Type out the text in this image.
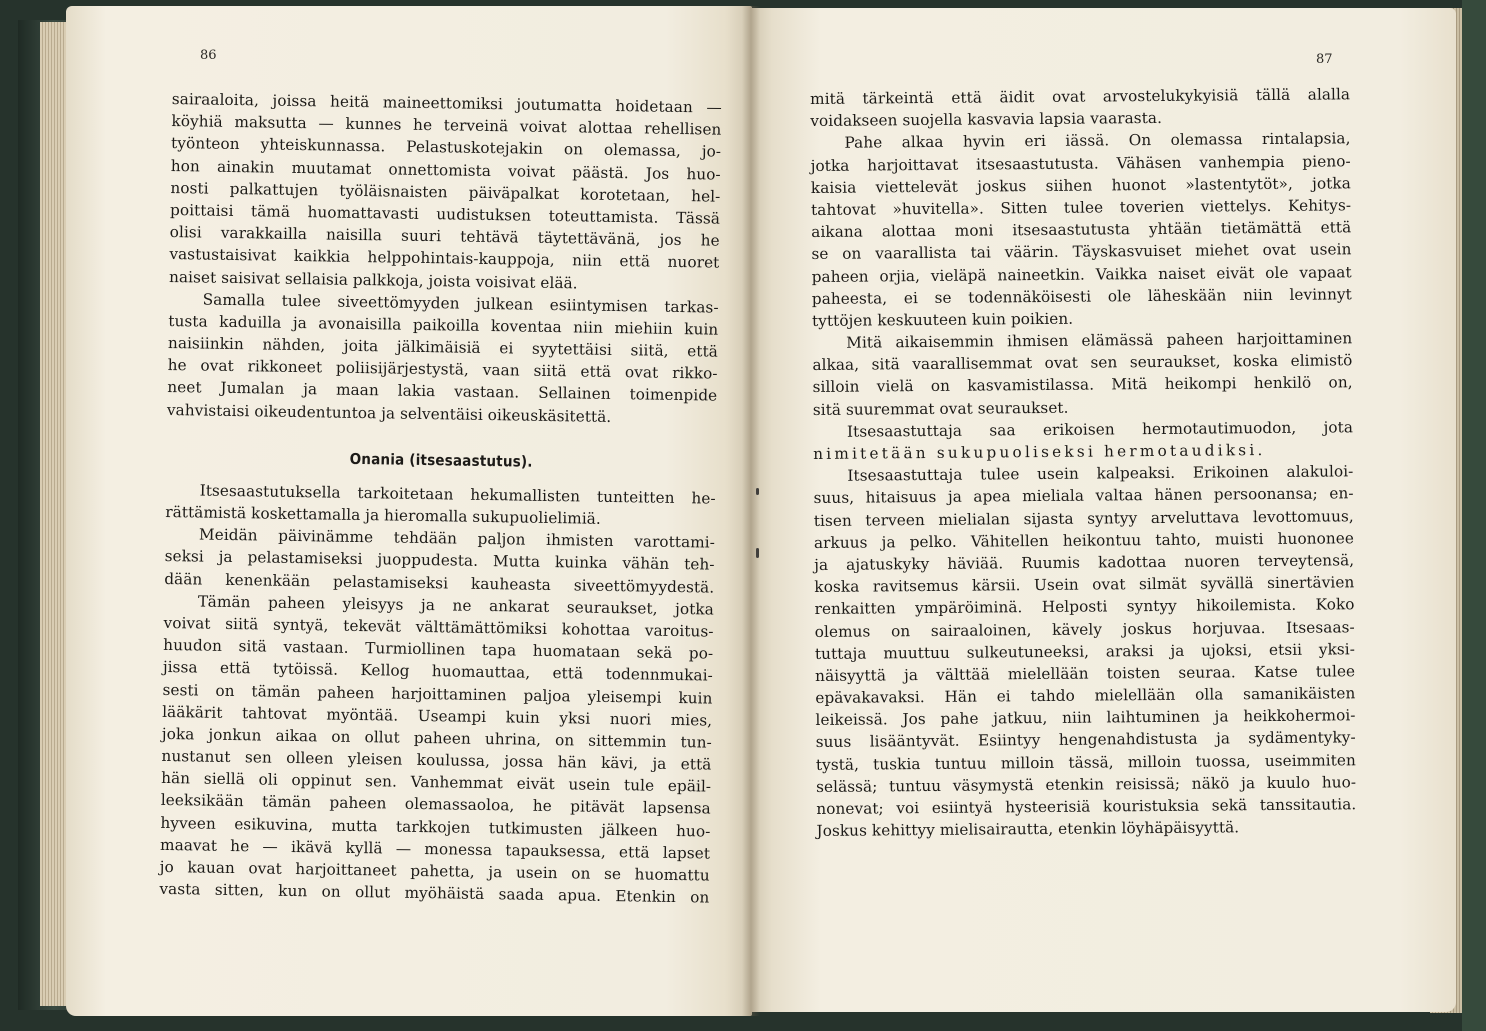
86
sairaaloita, joissa heitä maineettomiksi joutumatta hoidetaan —
köyhiä maksutta — kunnes he terveinä voivat alottaa rehellisen
työnteon yhteiskunnassa. Pelastuskotejakin on olemassa, jo-
hon ainakin muutamat onnettomista voivat päästä. Jos huo-
nosti palkattujen työläisnaisten päiväpalkat korotetaan, hel-
poittaisi tämä huomattavasti uudistuksen toteuttamista. Tässä
olisi varakkailla naisilla suuri tehtävä täytettävänä, jos he
vastustaisivat kaikkia helppohintais-kauppoja, niin että nuoret
naiset saisivat sellaisia palkkoja, joista voisivat elää.
Samalla tulee siveettömyyden julkean esiintymisen tarkas-
tusta kaduilla ja avonaisilla paikoilla koventaa niin miehiin kuin
naisiinkin nähden, joita jälkimäisiä ei syytettäisi siitä, että
he ovat rikkoneet poliisijärjestystä, vaan siitä että ovat rikko-
neet Jumalan ja maan lakia vastaan. Sellainen toimenpide
vahvistaisi oikeudentuntoa ja selventäisi oikeuskäsitettä.
Onania (itsesaastutus).
Itsesaastutuksella tarkoitetaan hekumallisten tunteitten he-
rättämistä koskettamalla ja hieromalla sukupuolielimiä.
Meidän päivinämme tehdään paljon ihmisten varottami-
seksi ja pelastamiseksi juoppudesta. Mutta kuinka vähän teh-
dään kenenkään pelastamiseksi kauheasta siveettömyydestä.
Tämän paheen yleisyys ja ne ankarat seuraukset, jotka
voivat siitä syntyä, tekevät välttämättömiksi kohottaa varoitus-
huudon sitä vastaan. Turmiollinen tapa huomataan sekä po-
jissa että tytöissä. Kellog huomauttaa, että todennmukai-
sesti on tämän paheen harjoittaminen paljoa yleisempi kuin
lääkärit tahtovat myöntää. Useampi kuin yksi nuori mies,
joka jonkun aikaa on ollut paheen uhrina, on sittemmin tun-
nustanut sen olleen yleisen koulussa, jossa hän kävi, ja että
hän siellä oli oppinut sen. Vanhemmat eivät usein tule epäil-
leeksikään tämän paheen olemassaoloa, he pitävät lapsensa
hyveen esikuvina, mutta tarkkojen tutkimusten jälkeen huo-
maavat he — ikävä kyllä — monessa tapauksessa, että lapset
jo kauan ovat harjoittaneet pahetta, ja usein on se huomattu
vasta sitten, kun on ollut myöhäistä saada apua. Etenkin on
87
mitä tärkeintä että äidit ovat arvostelukykyisiä tällä alalla
voidakseen suojella kasvavia lapsia vaarasta.
Pahe alkaa hyvin eri iässä. On olemassa rintalapsia,
jotka harjoittavat itsesaastutusta. Vähäsen vanhempia pieno-
kaisia viettelevät joskus siihen huonot »lastentytöt», jotka
tahtovat »huvitella». Sitten tulee toverien viettelys. Kehitys-
aikana alottaa moni itsesaastutusta yhtään tietämättä että
se on vaarallista tai väärin. Täyskasvuiset miehet ovat usein
paheen orjia, vieläpä naineetkin. Vaikka naiset eivät ole vapaat
paheesta, ei se todennäköisesti ole läheskään niin levinnyt
tyttöjen keskuuteen kuin poikien.
Mitä aikaisemmin ihmisen elämässä paheen harjoittaminen
alkaa, sitä vaarallisemmat ovat sen seuraukset, koska elimistö
silloin vielä on kasvamistilassa. Mitä heikompi henkilö on,
sitä suuremmat ovat seuraukset.
Itsesaastuttaja saa erikoisen hermotautimuodon, jota
nimitetään sukupuoliseksi hermotaudiksi.
Itsesaastuttaja tulee usein kalpeaksi. Erikoinen alakuloi-
suus, hitaisuus ja apea mieliala valtaa hänen persoonansa; en-
tisen terveen mielialan sijasta syntyy arveluttava levottomuus,
arkuus ja pelko. Vähitellen heikontuu tahto, muisti huononee
ja ajatuskyky häviää. Ruumis kadottaa nuoren terveytensä,
koska ravitsemus kärsii. Usein ovat silmät syvällä sinertävien
renkaitten ympäröiminä. Helposti syntyy hikoilemista. Koko
olemus on sairaaloinen, kävely joskus horjuvaa. Itsesaas-
tuttaja muuttuu sulkeutuneeksi, araksi ja ujoksi, etsii yksi-
näisyyttä ja välttää mielellään toisten seuraa. Katse tulee
epävakavaksi. Hän ei tahdo mielellään olla samanikäisten
leikeissä. Jos pahe jatkuu, niin laihtuminen ja heikkohermoi-
suus lisääntyvät. Esiintyy hengenahdistusta ja sydämentyky-
tystä, tuskia tuntuu milloin tässä, milloin tuossa, useimmiten
selässä; tuntuu väsymystä etenkin reisissä; näkö ja kuulo huo-
nonevat; voi esiintyä hysteerisiä kouristuksia sekä tanssitautia.
Joskus kehittyy mielisairautta, etenkin löyhäpäisyyttä.
